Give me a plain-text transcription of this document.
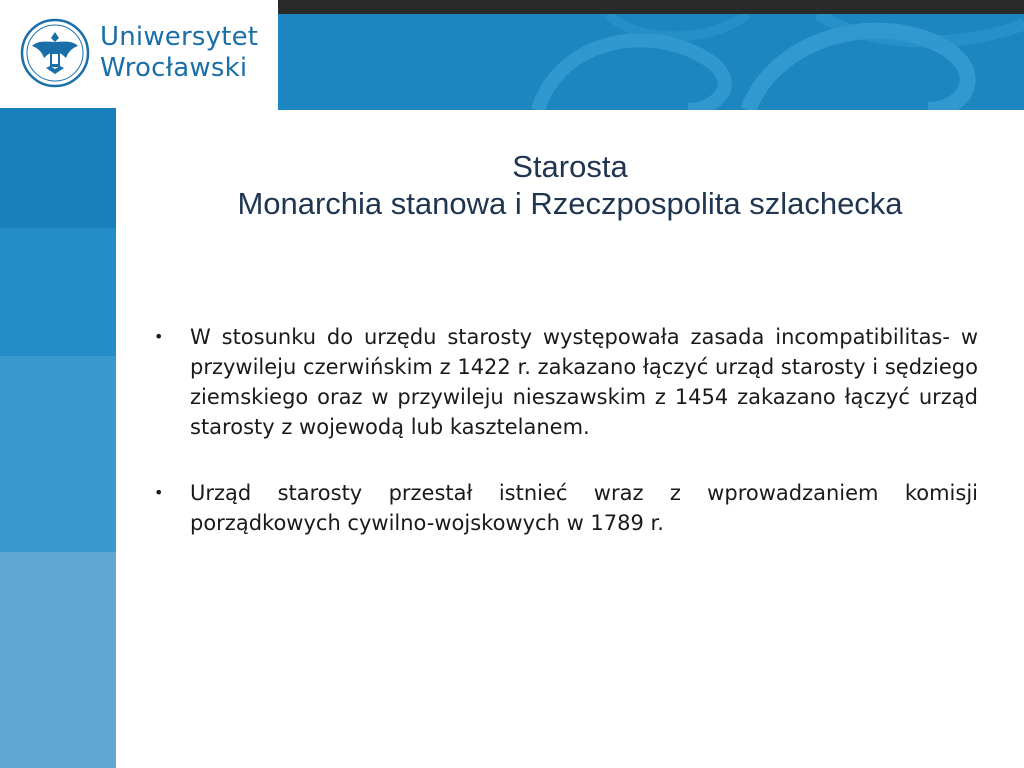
Uniwersytet
Wrocławski
Starosta
Monarchia stanowa i Rzeczpospolita szlachecka
• W stosunku do urzędu starosty występowała zasada incompatibilitas- w przywileju czerwińskim z 1422 r. zakazano łączyć urząd starosty i sędziego ziemskiego oraz w przywileju nieszawskim z 1454 zakazano łączyć urząd starosty z wojewodą lub kasztelanem.
• Urząd starosty przestał istnieć wraz z wprowadzaniem komisji porządkowych cywilno-wojskowych w 1789 r.
